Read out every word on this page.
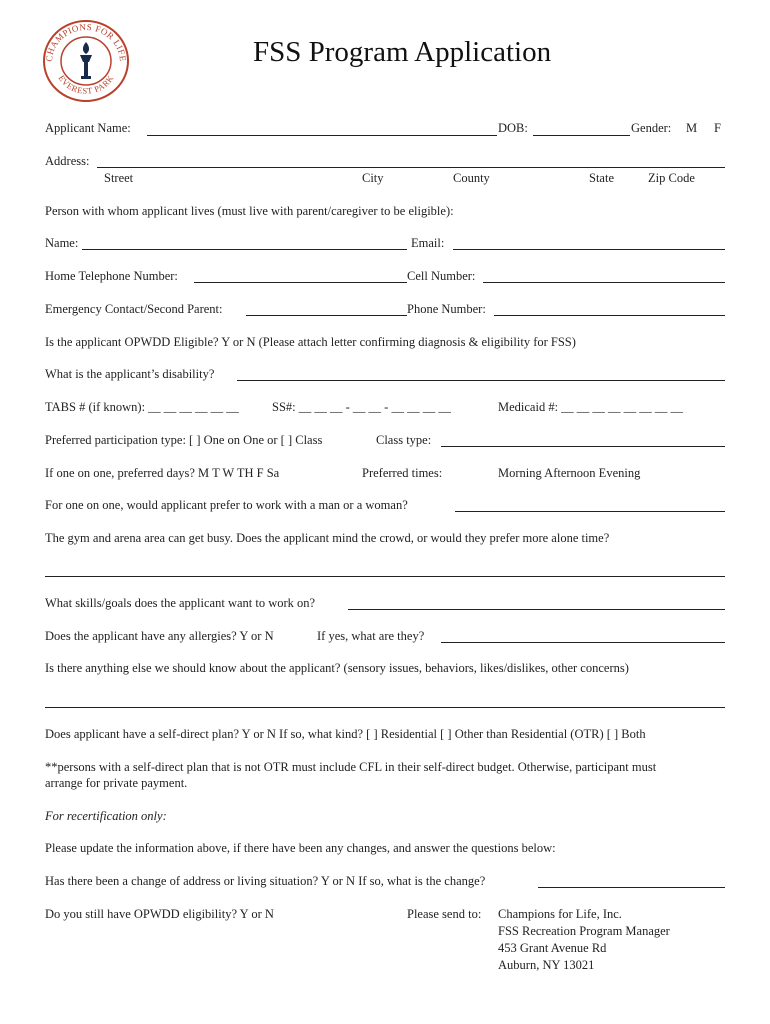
CHAMPIONS FOR LIFE
EVEREST PARK
FSS Program Application
Applicant Name:	DOB:	Gender: M F
Address:
Street	City	County	State	Zip Code
Person with whom applicant lives (must live with parent/caregiver to be eligible):
Name:	Email:
Home Telephone Number:	Cell Number:
Emergency Contact/Second Parent:	Phone Number:
Is the applicant OPWDD Eligible? Y or N (Please attach letter confirming diagnosis & eligibility for FSS)
What is the applicant’s disability?
TABS # (if known): __ __ __ __ __ __	SS#: __ __ __ - __ __ - __ __ __ __	Medicaid #: __ __ __ __ __ __ __ __
Preferred participation type: [ ] One on One or [ ] Class	Class type:
If one on one, preferred days? M T W TH F Sa	Preferred times:	Morning Afternoon Evening
For one on one, would applicant prefer to work with a man or a woman?
The gym and arena area can get busy. Does the applicant mind the crowd, or would they prefer more alone time?
What skills/goals does the applicant want to work on?
Does the applicant have any allergies? Y or N	If yes, what are they?
Is there anything else we should know about the applicant? (sensory issues, behaviors, likes/dislikes, other concerns)
Does applicant have a self-direct plan? Y or N If so, what kind? [ ] Residential [ ] Other than Residential (OTR) [ ] Both
**persons with a self-direct plan that is not OTR must include CFL in their self-direct budget. Otherwise, participant must
arrange for private payment.
For recertification only:
Please update the information above, if there have been any changes, and answer the questions below:
Has there been a change of address or living situation? Y or N If so, what is the change?
Do you still have OPWDD eligibility? Y or N	Please send to: Champions for Life, Inc.
FSS Recreation Program Manager
453 Grant Avenue Rd
Auburn, NY 13021
